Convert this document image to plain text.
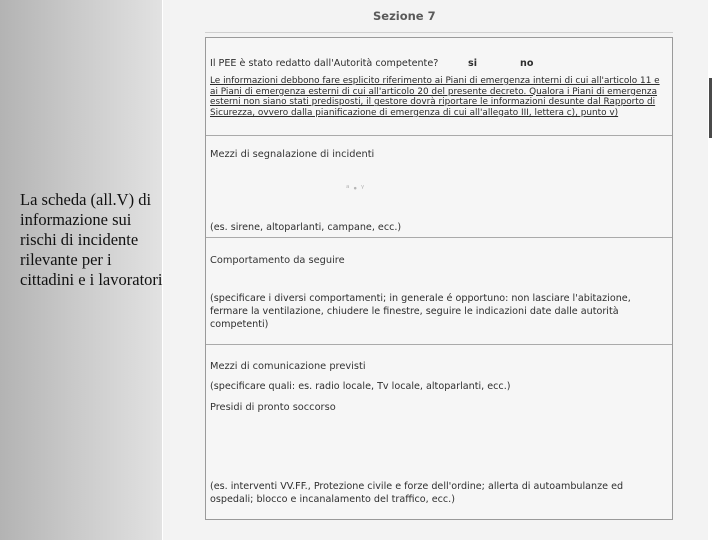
La scheda (all.V) di
informazione sui
rischi di incidente
rilevante per i
cittadini e i lavoratori

Sezione 7

Il PEE è stato redatto dall'Autorità competente?	si	no

Le informazioni debbono fare esplicito riferimento ai Piani di emergenza interni di cui all'articolo 11 e
ai Piani di emergenza esterni di cui all'articolo 20 del presente decreto. Qualora i Piani di emergenza
esterni non siano stati predisposti, il gestore dovrà riportare le informazioni desunte dal Rapporto di
Sicurezza, ovvero dalla pianificazione di emergenza di cui all'allegato III, lettera c), punto v)

Mezzi di segnalazione di incidenti

ᵃ ∙ ᵞ

(es. sirene, altoparlanti, campane, ecc.)

Comportamento da seguire

(specificare i diversi comportamenti; in generale é opportuno: non lasciare l'abitazione,

fermare la ventilazione, chiudere le finestre, seguire le indicazioni date dalle autorità

competenti)

Mezzi di comunicazione previsti

(specificare quali: es. radio locale, Tv locale, altoparlanti, ecc.)

Presidi di pronto soccorso

(es. interventi VV.FF., Protezione civile e forze dell'ordine; allerta di autoambulanze ed

ospedali; blocco e incanalamento del traffico, ecc.)
